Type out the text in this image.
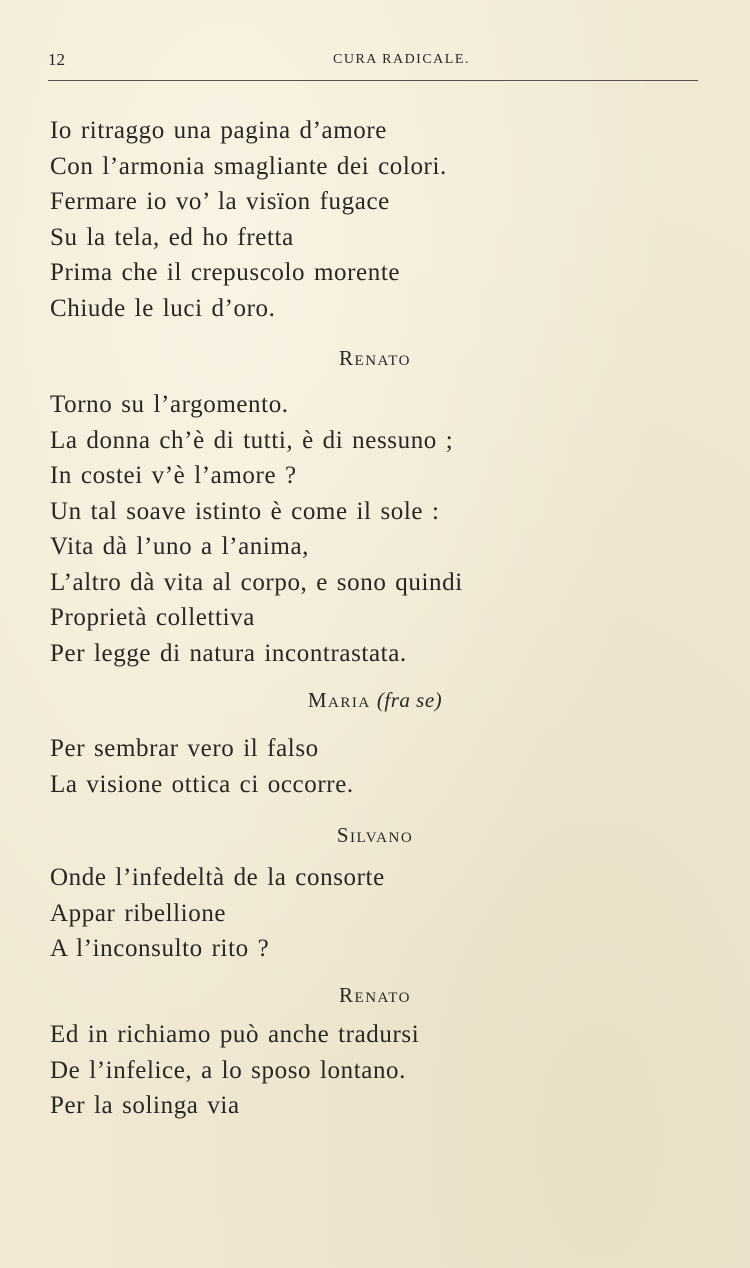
12	CURA RADICALE.
Io ritraggo una pagina d’amore
Con l’armonia smagliante dei colori.
Fermare io vo’ la visïon fugace
Su la tela, ed ho fretta
Prima che il crepuscolo morente
Chiude le luci d’oro.
Renato
Torno su l’argomento.
La donna ch’è di tutti, è di nessuno ;
In costei v’è l’amore ?
Un tal soave istinto è come il sole :
Vita dà l’uno a l’anima,
L’altro dà vita al corpo, e sono quindi
Proprietà collettiva
Per legge di natura incontrastata.
Maria (fra se)
Per sembrar vero il falso
La visione ottica ci occorre.
Silvano
Onde l’infedeltà de la consorte
Appar ribellione
A l’inconsulto rito ?
Renato
Ed in richiamo può anche tradursi
De l’infelice, a lo sposo lontano.
Per la solinga via
